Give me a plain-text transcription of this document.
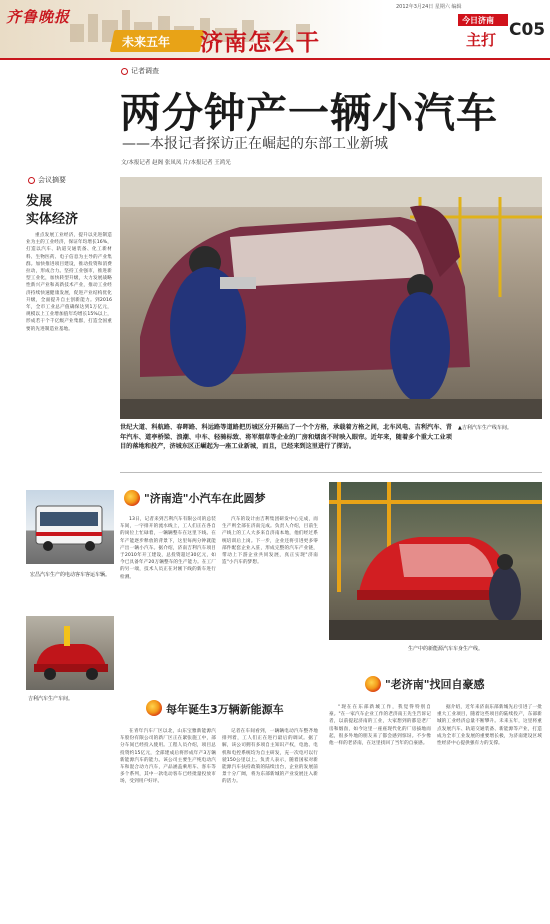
齐鲁晚报
未来五年 济南怎么干
2012年3月24日 星期六 编辑
今日济南
主打 C05
记者调查
两分钟产一辆小汽车
——本报记者探访正在崛起的东部工业新城
文/本报记者 赵阁 张凤凤 片/本报记者 王鸿光
会议摘要
发展
实体经济

重点发展工业经济，提升以先进制造业为主的工业经济，保证年均增长16%，打造以汽车、轨道交通装备、化工新材料、生物医药、电子信息为主导的产业集群。加快推进项目建设，推动投资和消费拉动，形成合力。坚持工业强市，推进新型工业化，加快转型升级，大力发展战略性新兴产业和高新技术产业，推动工业经济持续快速健康发展，促进产业结构优化升级，全面提升自主创新能力。到2016年，全市工业总产值确保达到1万亿元，规模以上工业增加值年均增长15%以上，形成若干个千亿级产业集群，打造全国重要的先进制造业基地。

宏昌汽车生产的电动客车客运车辆。
吉利汽车生产车间。
▲吉利汽车生产线车间。
世纪大道、科航路、春晖路、科远路等道路把历城区分开隔出了一个个方格，承载着方格之间，北车风电、吉利汽车、青年汽车、道亭桥梁、浪潮、中车、轻骑标致、将军烟草等企业的厂房和烟囱不时映入眼帘。近年来，随着多个重大工业项目的落地和投产，济城东区正崛起为一座工业新城，而且，已经来到这里进行了探访。
"济南造"小汽车在此圆梦

13日，记者来到吉利汽车有限公司的总装车间，一字排开的流水线上，工人们正在各自的岗位上忙碌着，一辆辆整车在这里下线。在年产能逐步释放的背景下，这里每两分钟就能产出一辆小汽车。据介绍，济南吉利汽车项目于2010年开工建设，总投资超过30亿元，如今已具备年产20万辆整车的生产能力。在工厂的另一端，技术人员正在对刚下线的新车进行检测。

汽车的设计由吉利集团研发中心完成，而生产则全部在济南完成。负责人介绍，目前生产线上的工人大多来自济南本地，他们经过系统培训后上岗。下一步，企业还将引进更多零部件配套企业入驻，形成完整的汽车产业链，带动上下游企业共同发展，真正实现"济南造"小汽车的梦想。

生产中的新能源汽车车身生产线。
每年诞生3万辆新能源车

在青年汽车厂区以北，山东宝雅新能源汽车股份有限公司的新厂区正在紧张施工中，部分车间已经投入使用。工程人员介绍，项目总投资约15亿元，全部建成后将形成年产3万辆新能源汽车的能力。该公司主要生产纯电动汽车和混合动力汽车，产品涵盖乘用车、客车等多个系列，其中一款电动客车已经批量投放市场，受到用户好评。

记者在车间看到，一辆辆电动汽车整齐地排列着，工人们正在进行最后的调试。据了解，该公司拥有多项自主知识产权，电池、电机和电控系统均为自主研发，充一次电可以行驶150公里以上。负责人表示，随着国家对新能源汽车扶持政策的陆续出台，企业的发展前景十分广阔，将为东部新城的产业发展注入新的活力。

"老济南"找回自豪感

"现在在东部新城工作，我觉得特别自豪。"在一家汽车企业工作的老济南王先生告诉记者，以前提起济南的工业，大家想到的都是老厂房和烟囱，如今这里一座座现代化的厂房拔地而起，很多外地的朋友来了都会感到惊讶。不少像他一样的老济南，在这里找回了当年的自豪感。

据介绍，近年来济南东部新城先后引进了一批重大工业项目，随着这些项目的陆续投产，东部新城的工业经济总量不断攀升。未来五年，这里将重点发展汽车、轨道交通装备、新能源等产业，打造成为全市工业发展的重要增长极，为济南建设区域性经济中心提供强有力的支撑。
